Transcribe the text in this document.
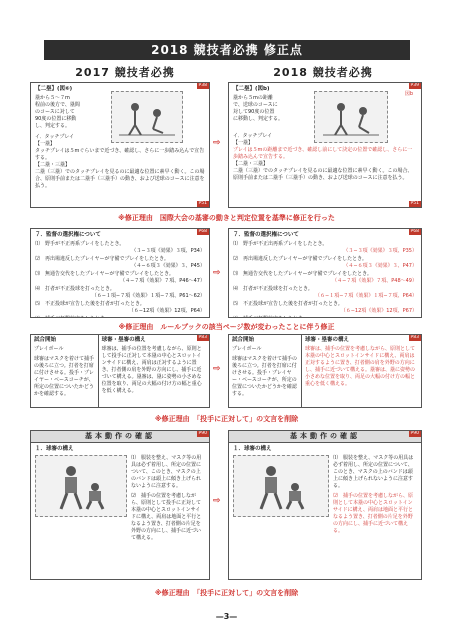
2018 競技者必携 修正点
2017 競技者必携	2018 競技者必携
P38
【二塁】(図⑥)
塁から５～７m
程前の後方で、塁間
のコースに対して
90度の位置に移動
し、判定する。
イ．タッチプレイ
【一塁】
タッチプレイは５mぐらいまで近づき、確認し、さらに一歩踏み込んで宣告する。
【二塁・三塁】
二塁（三塁）でのタッチプレイを見るのに最適な位置に素早く動く。この場合、原則手前または二塁手（三塁手）の動き、および送球のコースに注意を払う。
P51
⇨
P39
【二塁】(図b)
塁から５mの距離
で、送球のコースに
対して90度の位置
に移動し、判定する。
イ．タッチプレイ
【一塁】
プレイは５mの距離まで近づき、確認し前にして決定の位置で確認し、さらに一歩踏み込んで宣告する。
【二塁・三塁】
二塁（三塁）でのタッチプレイを見るのに最適な位置に素早く動く。この場合、原則手前または二塁手（三塁手）の動き、および送球のコースに注意を払う。
P51
図b
※修正理由　国際大会の基審の動きと判定位置を基準に修正を行った
P68
７．監督の選択権について
⑴　野手が不正再系プレイをしたとき。
（３−３項《効果》３項、P34）
⑵　再出場違反したプレイヤーが守備でプレイをしたとき。
（４−６項３《効果》３、P45）
⑶　無通告交代をしたプレイヤーが守備でプレイをしたとき。
（４−７項《効果》７項、P46〜47）
⑷　打者が不正投球を打ったとき。
（６−１項−７項《効果》１項−７項、P61〜62）
⑸　不正投球が宣告した後を打者が打ったとき。
（６−12項《効果》12項、P64）
⇨
P68
７．監督の選択権について
⑴　野手が不正出再系プレイをしたとき。
（３−３項《効果》３項、P35）
⑵　再出場違反したプレイヤーが守備でプレイをしたとき。
（４−６項３《効果》３、P47）
⑶　無通告交代をしたプレイヤーが守備でプレイをしたとき。
（４−７項《効果》７項、P48〜49）
⑷　打者が不正投球を打ったとき。
（６−１項−７項《効果》１項−７項、P64）
⑸　不正投球が宣告した後を打者が打ったとき。
（６−12項《効果》12項、P67）
※修正理由　ルールブックの該当ページ数が変わったことに伴う修正
P83
試合開始
プレイボール
球審はマスクを着けて捕手の後ろに立つ。打者を打席に付けさせる。投手・プレイヤー・ベースコーチが、所定の位置についたかどうかを確認する。
球審・塁審の構え
球審は、捕手の位置を考慮しながら、原則として投手に正対して本塁の中心とスロットインサイドに構え、両肩は正対するように置き、打者側の肩を外野の方向にし、捕手に近づいて構える。塁審は、塁に姿勢の小さめな位置を取り、両足の大幅の付け方の幅と重心を低く構える。
⇨
P83
試合開始
プレイボール
球審はマスクを着けて捕手の後ろに立つ。打者を打席に付けさせる。投手・プレイヤー・ベースコーチが、所定の位置についたかどうかを確認する。
球審・塁審の構え
球審は、捕手の位置を考慮しながら、原則として本塁の中心とスロットインサイドに構え、両肩は正対するように置き、打者側の肩を外野の方向にし、捕手に近づいて構える。塁審は、塁に姿勢の小さめな位置を取り、両足の大幅の付け方の幅と重心を低く構える。
※修正理由　「投手に正対して」の文言を削除
P90
基本動作の確認
１．球審の構え
⑴　服装を整え、マスク等の用具は必ず着用し、所定の位置について、このとき、マスクの上のバンドは頭上に傾き上げられないように注意する。
⑵　捕手の位置を考慮しながら、原則として投手に正対して本塁の中心とスロットインサイドに構え、両肩は地面と平行となるよう置き、打者側の片足を外野の方向にし、捕手に近づいて構える。
⇨
P90
基本動作の確認
１．球審の構え
⑴　服装を整え、マスク等の用具は必ず着用し、所定の位置について、このとき、マスクの上のバンドは頭上に傾き上げられないように注意する。
⑵　捕手の位置を考慮しながら、原則として本塁の中心とスロットインサイドに構え、両肩は地面と平行となるよう置き、打者側の片足を外野の方向にし、捕手に近づいて構える。
※修正理由　「投手に正対して」の文言を削除
—3—
